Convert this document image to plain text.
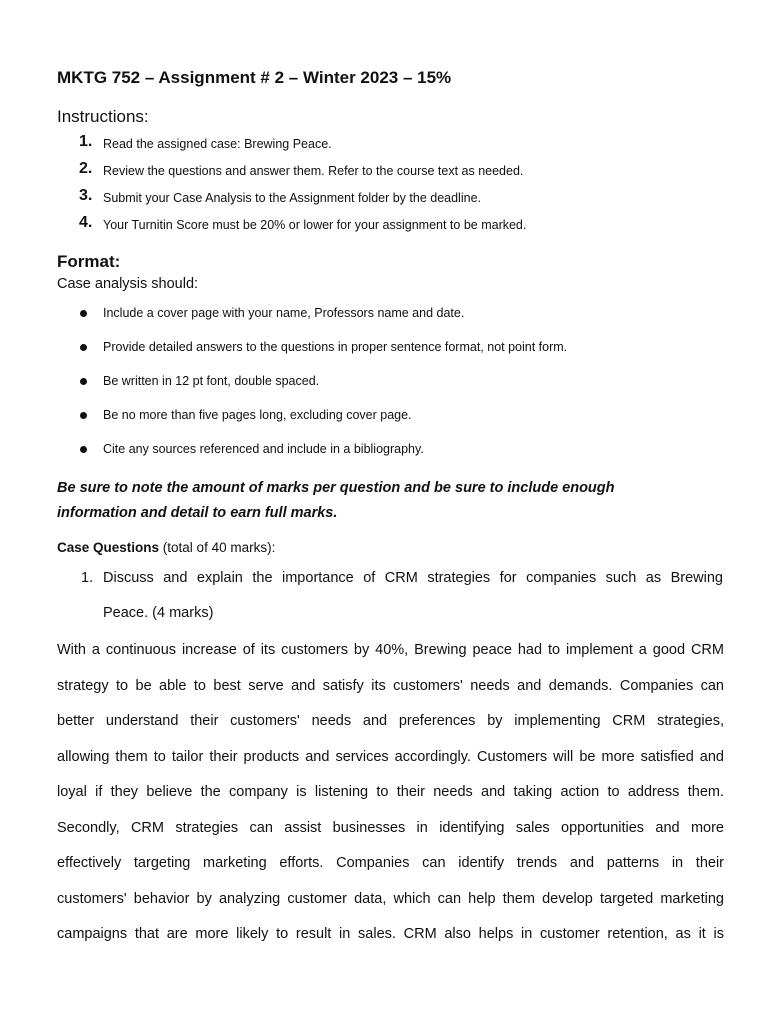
MKTG 752 – Assignment # 2 – Winter 2023 – 15%
Instructions:
1. Read the assigned case: Brewing Peace.
2. Review the questions and answer them. Refer to the course text as needed.
3. Submit your Case Analysis to the Assignment folder by the deadline.
4. Your Turnitin Score must be 20% or lower for your assignment to be marked.
Format:
Case analysis should:
Include a cover page with your name, Professors name and date.
Provide detailed answers to the questions in proper sentence format, not point form.
Be written in 12 pt font, double spaced.
Be no more than five pages long, excluding cover page.
Cite any sources referenced and include in a bibliography.
Be sure to note the amount of marks per question and be sure to include enough
information and detail to earn full marks.
Case Questions (total of 40 marks):
1. Discuss and explain the importance of CRM strategies for companies such as Brewing
Peace. (4 marks)
With a continuous increase of its customers by 40%, Brewing peace had to implement a good CRM
strategy to be able to best serve and satisfy its customers' needs and demands. Companies can
better understand their customers' needs and preferences by implementing CRM strategies,
allowing them to tailor their products and services accordingly. Customers will be more satisfied and
loyal if they believe the company is listening to their needs and taking action to address them.
Secondly, CRM strategies can assist businesses in identifying sales opportunities and more
effectively targeting marketing efforts. Companies can identify trends and patterns in their
customers' behavior by analyzing customer data, which can help them develop targeted marketing
campaigns that are more likely to result in sales. CRM also helps in customer retention, as it is
